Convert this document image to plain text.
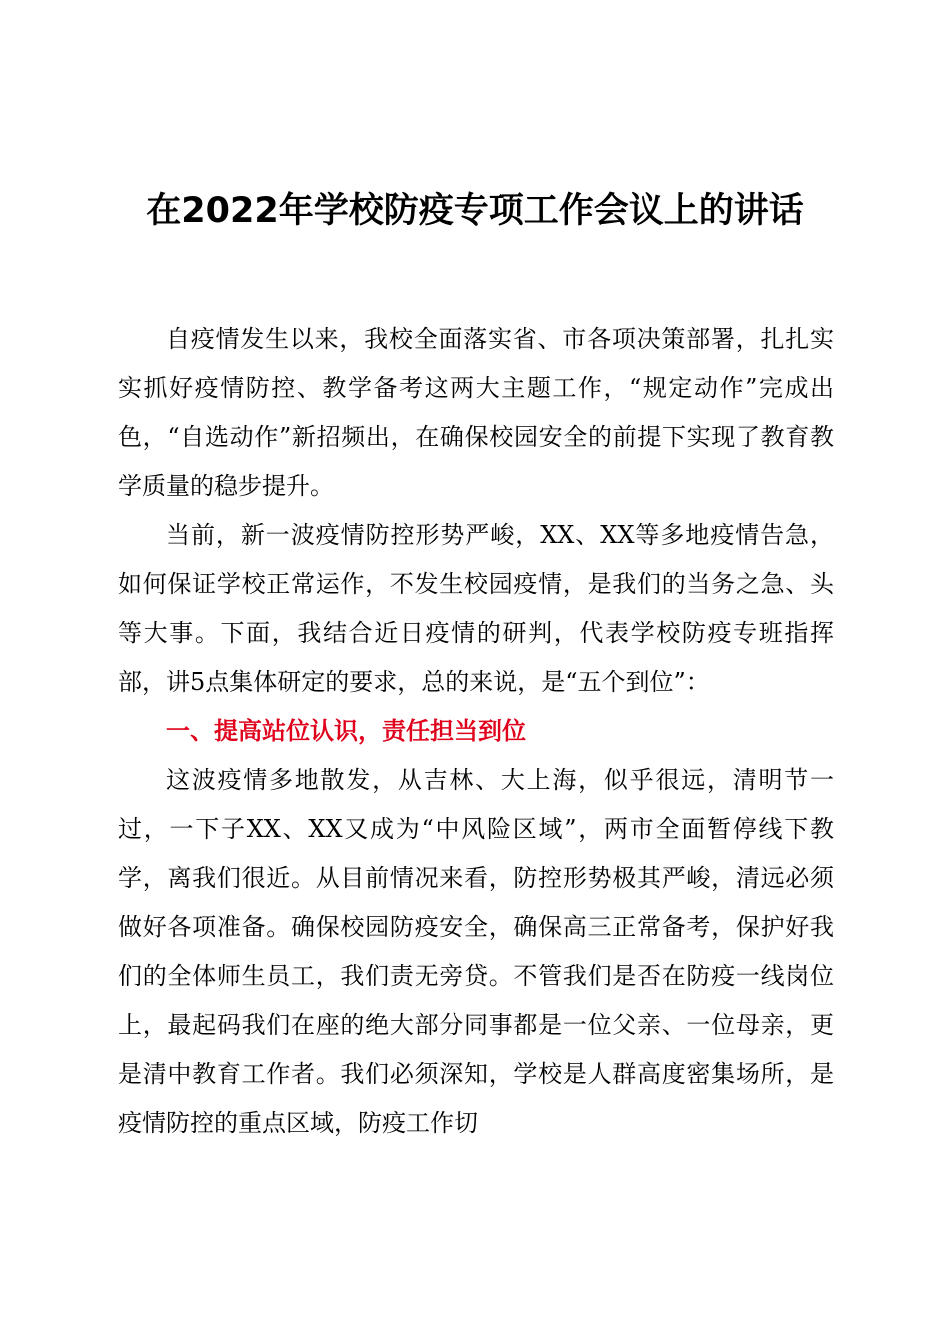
在2022年学校防疫专项工作会议上的讲话

自疫情发生以来，我校全面落实省、市各项决策部署，扎扎实实抓好疫情防控、教学备考这两大主题工作，“规定动作”完成出色，“自选动作”新招频出，在确保校园安全的前提下实现了教育教学质量的稳步提升。

当前，新一波疫情防控形势严峻，XX、XX等多地疫情告急，如何保证学校正常运作，不发生校园疫情，是我们的当务之急、头等大事。下面，我结合近日疫情的研判，代表学校防疫专班指挥部，讲5点集体研定的要求，总的来说，是“五个到位”：

一、提高站位认识，责任担当到位

这波疫情多地散发，从吉林、大上海，似乎很远，清明节一过，一下子XX、XX又成为“中风险区域”，两市全面暂停线下教学，离我们很近。从目前情况来看，防控形势极其严峻，清远必须做好各项准备。确保校园防疫安全，确保高三正常备考，保护好我们的全体师生员工，我们责无旁贷。不管我们是否在防疫一线岗位上，最起码我们在座的绝大部分同事都是一位父亲、一位母亲，更是清中教育工作者。我们必须深知，学校是人群高度密集场所，是疫情防控的重点区域，防疫工作切
